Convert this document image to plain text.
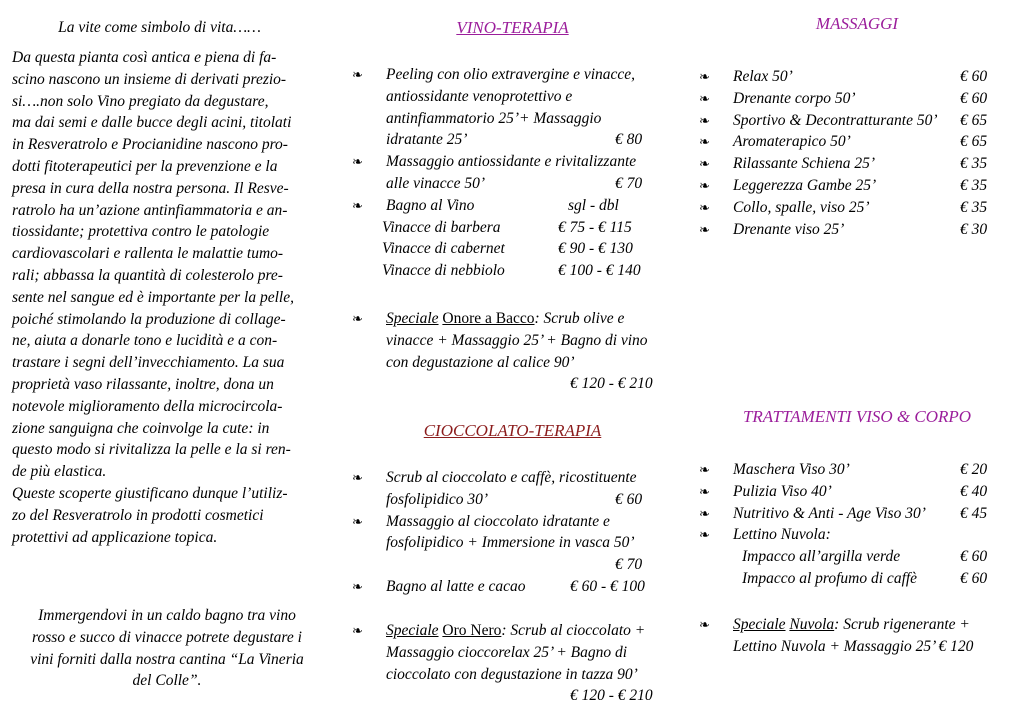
La vite come simbolo di vita……
Da questa pianta così antica e piena di fa-
scino nascono un insieme di derivati prezio-
si….non solo Vino pregiato da degustare,
ma dai semi e dalle bucce degli acini, titolati
in Resveratrolo e Procianidine nascono pro-
dotti fitoterapeutici per la prevenzione e la
presa in cura della nostra persona. Il Resve-
ratrolo ha un’azione antinfiammatoria e an-
tiossidante; protettiva contro le patologie
cardiovascolari e rallenta le malattie tumo-
rali; abbassa la quantità di colesterolo pre-
sente nel sangue ed è importante per la pelle,
poiché stimolando la produzione di collage-
ne, aiuta a donarle tono e lucidità e a con-
trastare i segni dell’invecchiamento. La sua
proprietà vaso rilassante, inoltre, dona un
notevole miglioramento della microcircola-
zione sanguigna che coinvolge la cute: in
questo modo si rivitalizza la pelle e la si ren-
de più elastica.
Queste scoperte giustificano dunque l’utiliz-
zo del Resveratrolo in prodotti cosmetici
protettivi ad applicazione topica.
Immergendovi in un caldo bagno tra vino
rosso e succo di vinacce potrete degustare i
vini forniti dalla nostra cantina “La Vineria
del Colle”.
VINO-TERAPIA
❧ Peeling con olio extravergine e vinacce,
antiossidante venoprotettivo e
antinfiammatorio 25’+ Massaggio
idratante 25’	€ 80
❧ Massaggio antiossidante e rivitalizzante
alle vinacce 50’	€ 70
❧ Bagno al Vino	sgl - dbl
Vinacce di barbera	€ 75 - € 115
Vinacce di cabernet	€ 90 - € 130
Vinacce di nebbiolo	€ 100 - € 140
❧ Speciale Onore a Bacco: Scrub olive e
vinacce + Massaggio 25’ + Bagno di vino
con degustazione al calice 90’
€ 120 - € 210
CIOCCOLATO-TERAPIA
❧ Scrub al cioccolato e caffè, ricostituente
fosfolipidico 30’	€ 60
❧ Massaggio al cioccolato idratante e
fosfolipidico + Immersione in vasca 50’
€ 70
❧ Bagno al latte e cacao	€ 60 - € 100
❧ Speciale Oro Nero: Scrub al cioccolato +
Massaggio cioccorelax 25’ + Bagno di
cioccolato con degustazione in tazza 90’
€ 120 - € 210
MASSAGGI
❧ Relax 50’	€ 60
❧ Drenante corpo 50’	€ 60
❧ Sportivo & Decontratturante 50’ € 65
❧ Aromaterapico 50’	€ 65
❧ Rilassante Schiena 25’	€ 35
❧ Leggerezza Gambe 25’	€ 35
❧ Collo, spalle, viso 25’	€ 35
❧ Drenante viso 25’	€ 30
TRATTAMENTI VISO & CORPO
❧ Maschera Viso 30’	€ 20
❧ Pulizia Viso 40’	€ 40
❧ Nutritivo & Anti - Age Viso 30’ € 45
❧ Lettino Nuvola:
Impacco all’argilla verde	€ 60
Impacco al profumo di caffè	€ 60
❧ Speciale Nuvola: Scrub rigenerante +
Lettino Nuvola + Massaggio 25’ € 120
